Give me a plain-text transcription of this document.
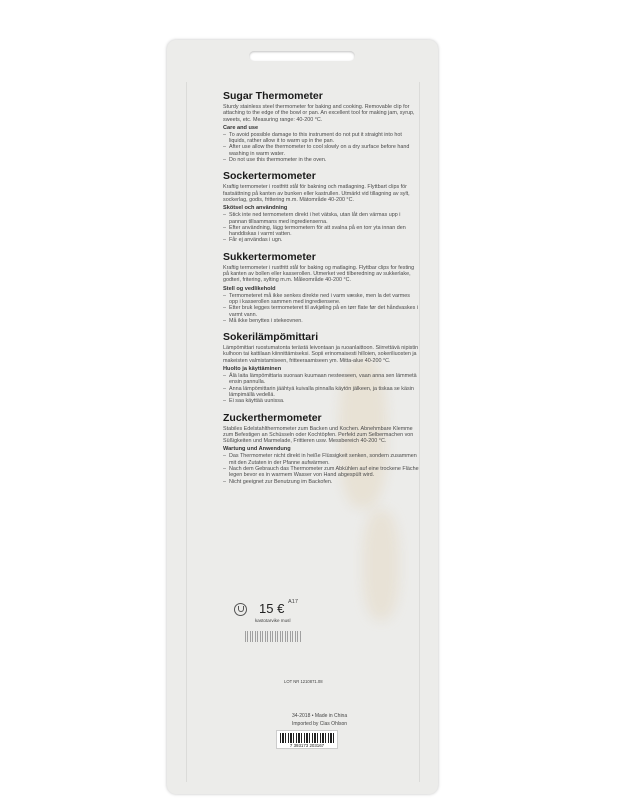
Sugar Thermometer
Sturdy stainless steel thermometer for baking and cooking. Removable clip for attaching to the edge of the bowl or pan. An excellent tool for making jam, syrup, sweets, etc. Measuring range: 40-200 °C.
Care and use
– To avoid possible damage to this instrument do not put it straight into hot liquids, rather allow it to warm up in the pan.
– After use allow the thermometer to cool slowly on a dry surface before hand washing in warm water.
– Do not use this thermometer in the oven.
Sockertermometer
Kraftig termometer i rostfritt stål för bakning och matlagning. Flyttbart clips för fastsättning på kanten av bunken eller kastrullen. Utmärkt vid tillagning av sylt, sockerlag, godis, frittering m.m. Mätområde 40-200 °C.
Skötsel och användning
– Stick inte ned termometern direkt i het vätska, utan låt den värmas upp i pannan tillsammans med ingredienserna.
– Efter användning, lägg termometern för att svalna på en torr yta innan den handdiskas i varmt vatten.
– Får ej användas i ugn.
Sukkertermometer
Kraftig termometer i rustfritt stål for baking og matlaging. Flyttbar clips for festing på kanten av bollen eller kasserollen. Utmerket ved tilberedning av sukkerlake, godteri, fritering, sylting m.m. Måleområde 40-200 °C.
Stell og vedlikehold
– Termometeret må ikke senkes direkte ned i varm væske, men la det varmes opp i kasserollen sammen med ingrediensene.
– Etter bruk legges termometeret til avkjøling på en tørr flate før det håndvaskes i varmt vann.
– Må ikke benyttes i stekeovnen.
Sokerilämpömittari
Lämpömittari ruostumatonta terästä leivontaan ja ruoanlaittoon. Siirrettävä nipistin kulhoon tai kattilaan kiinnittämiseksi. Sopii erinomaisesti hilloien, sokeriliuosten ja makeisten valmistamiseen, fritteeraamiseen ym. Mitta-alue 40-200 °C.
Huolto ja käyttäminen
– Älä laita lämpömittaria suoraan kuumaan nesteeseen, vaan anna sen lämmetä ensin pannulla.
– Anna lämpömittarin jäähtyä kuivalla pinnalla käytön jälkeen, ja tiskaa se käsin lämpimällä vedellä.
– Ei saa käyttää uunissa.
Zuckerthermometer
Stabiles Edelstahlthermometer zum Backen und Kochen. Abnehmbare Klemme zum Befestigen an Schüsseln oder Kochtöpfen. Perfekt zum Selbermachen von Süßigkeiten und Marmelade, Frittieren usw. Messbereich 40-200 °C.
Wartung und Anwendung
– Das Thermometer nicht direkt in heiße Flüssigkeit senken, sondern zusammen mit den Zutaten in der Pfanne aufwärmen.
– Nach dem Gebrauch das Thermometer zum Abkühlen auf eine trockene Fläche legen bevor es in warmem Wasser von Hand abgespült wird.
– Nicht geeignet zur Benutzung im Backofen.
15 € A17
kastotarvike musl
LOT NR 1210871.08
34-2018 • Made in China
Imported by Clas Ohlson
7 393173 203167
